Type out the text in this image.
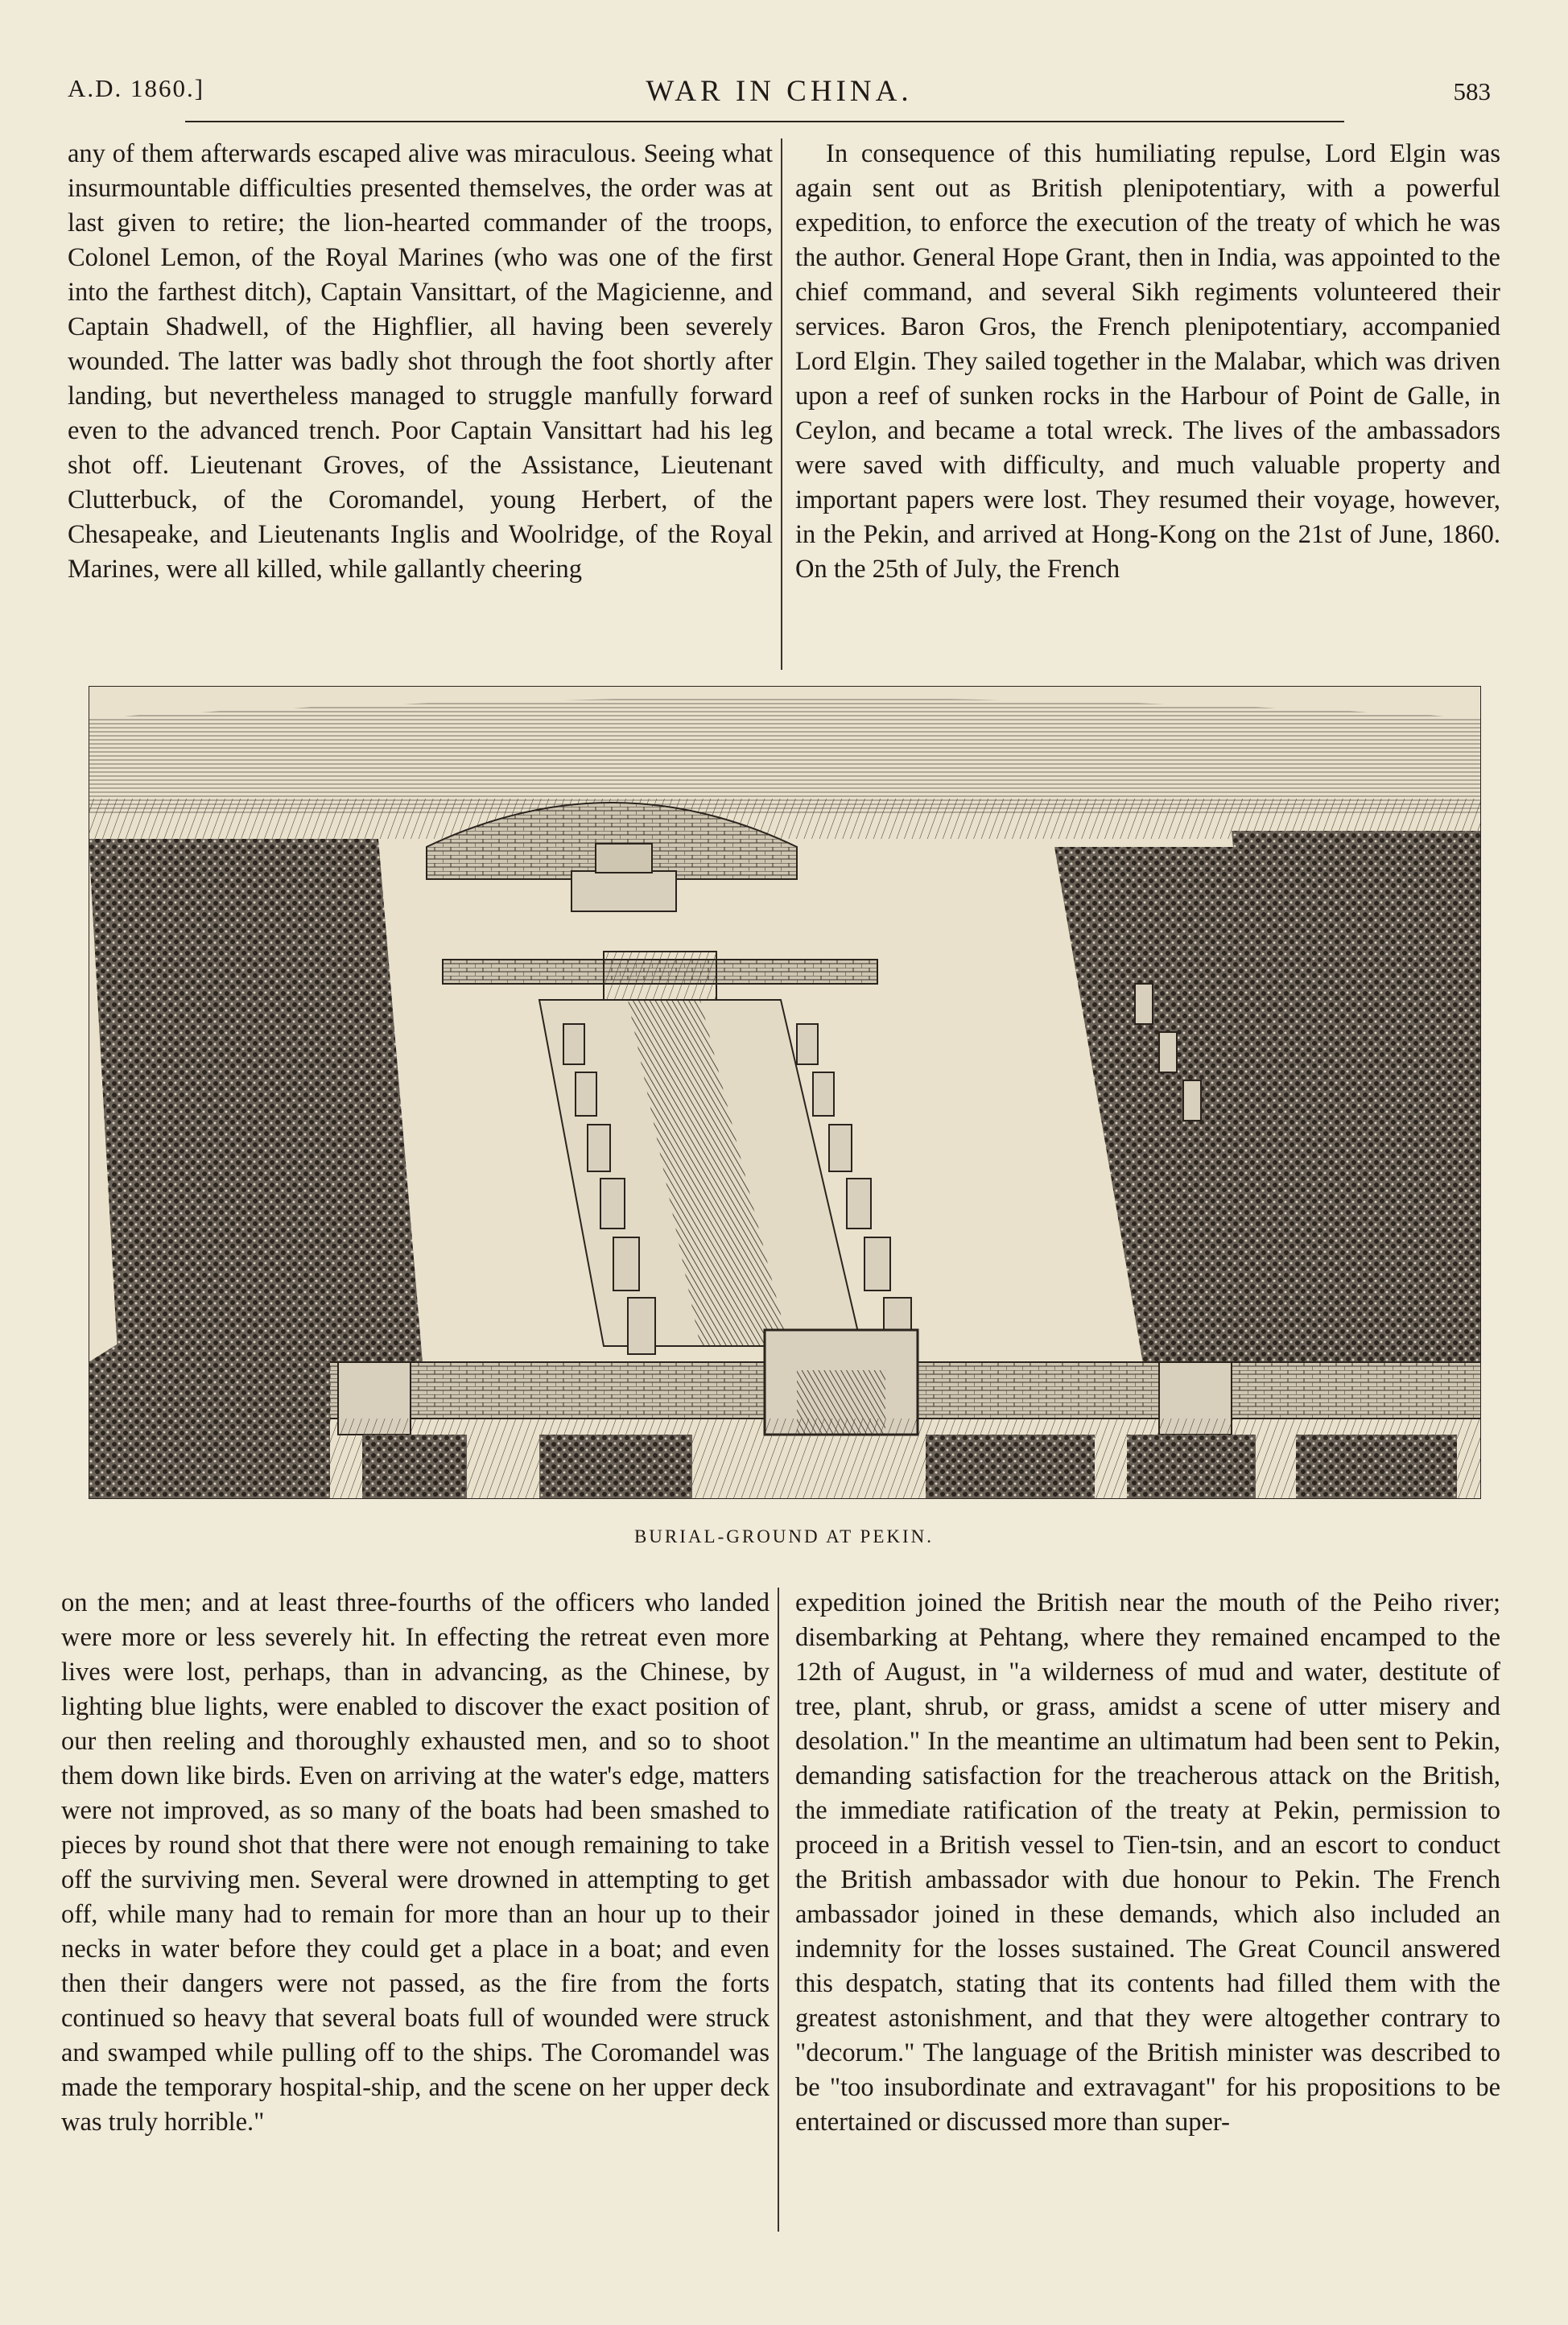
A.D. 1860.]	WAR IN CHINA.	583

any of them afterwards escaped alive was miraculous. Seeing what insurmountable difficulties presented themselves, the order was at last given to retire; the lion-hearted commander of the troops, Colonel Lemon, of the Royal Marines (who was one of the first into the farthest ditch), Captain Vansittart, of the Magicienne, and Captain Shadwell, of the Highflier, all having been severely wounded. The latter was badly shot through the foot shortly after landing, but nevertheless managed to struggle manfully forward even to the advanced trench. Poor Captain Vansittart had his leg shot off. Lieutenant Groves, of the Assistance, Lieutenant Clutterbuck, of the Coromandel, young Herbert, of the Chesapeake, and Lieutenants Inglis and Woolridge, of the Royal Marines, were all killed, while gallantly cheering

In consequence of this humiliating repulse, Lord Elgin was again sent out as British plenipotentiary, with a powerful expedition, to enforce the execution of the treaty of which he was the author. General Hope Grant, then in India, was appointed to the chief command, and several Sikh regiments volunteered their services. Baron Gros, the French plenipotentiary, accompanied Lord Elgin. They sailed together in the Malabar, which was driven upon a reef of sunken rocks in the Harbour of Point de Galle, in Ceylon, and became a total wreck. The lives of the ambassadors were saved with difficulty, and much valuable property and important papers were lost. They resumed their voyage, however, in the Pekin, and arrived at Hong-Kong on the 21st of June, 1860. On the 25th of July, the French

BURIAL-GROUND AT PEKIN.

on the men; and at least three-fourths of the officers who landed were more or less severely hit. In effecting the retreat even more lives were lost, perhaps, than in advancing, as the Chinese, by lighting blue lights, were enabled to discover the exact position of our then reeling and thoroughly exhausted men, and so to shoot them down like birds. Even on arriving at the water's edge, matters were not improved, as so many of the boats had been smashed to pieces by round shot that there were not enough remaining to take off the surviving men. Several were drowned in attempting to get off, while many had to remain for more than an hour up to their necks in water before they could get a place in a boat; and even then their dangers were not passed, as the fire from the forts continued so heavy that several boats full of wounded were struck and swamped while pulling off to the ships. The Coromandel was made the temporary hospital-ship, and the scene on her upper deck was truly horrible."

expedition joined the British near the mouth of the Peiho river; disembarking at Pehtang, where they remained encamped to the 12th of August, in "a wilderness of mud and water, destitute of tree, plant, shrub, or grass, amidst a scene of utter misery and desolation." In the meantime an ultimatum had been sent to Pekin, demanding satisfaction for the treacherous attack on the British, the immediate ratification of the treaty at Pekin, permission to proceed in a British vessel to Tien-tsin, and an escort to conduct the British ambassador with due honour to Pekin. The French ambassador joined in these demands, which also included an indemnity for the losses sustained. The Great Council answered this despatch, stating that its contents had filled them with the greatest astonishment, and that they were altogether contrary to "decorum." The language of the British minister was described to be "too insubordinate and extravagant" for his propositions to be entertained or discussed more than super-
